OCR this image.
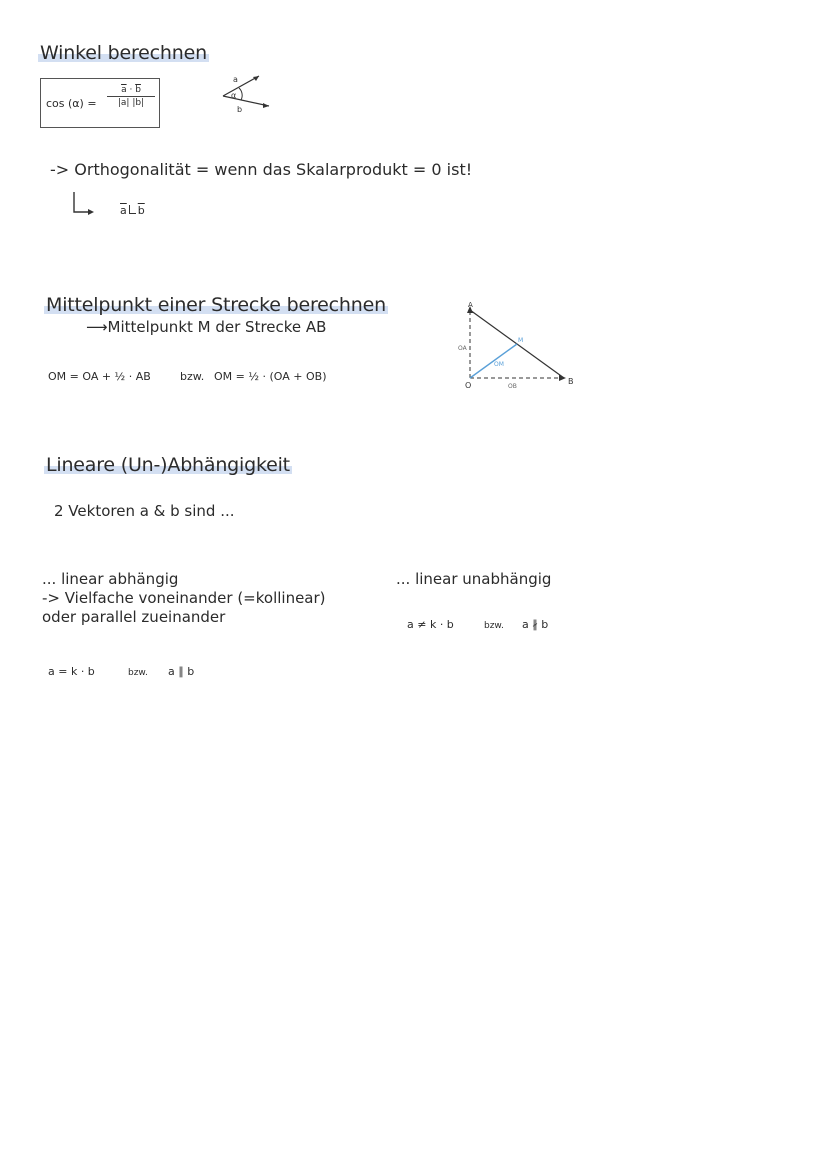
Winkel berechnen
cos (α) =
$\overline{a} \cdot \overline{b}$
|a| |b|
a
b
α
-> Orthogonalität = wenn das Skalarprodukt = 0 ist!
$\overline{a}$ $\overline{b}$
Mittelpunkt einer Strecke berechnen
⟶Mittelpunkt M der Strecke AB
OM = OA + ½ · AB	bzw. OM = ½ · (OA + OB)
A
B
O
M
OA
OB
OM
Lineare (Un-)Abhängigkeit
2 Vektoren a & b sind ...
... linear abhängig
-> Vielfache voneinander (=kollinear)
oder parallel zueinander
a = k · b	bzw. a ∥ b
... linear unabhängig
a ≠ k · b	bzw. a ∦ b
